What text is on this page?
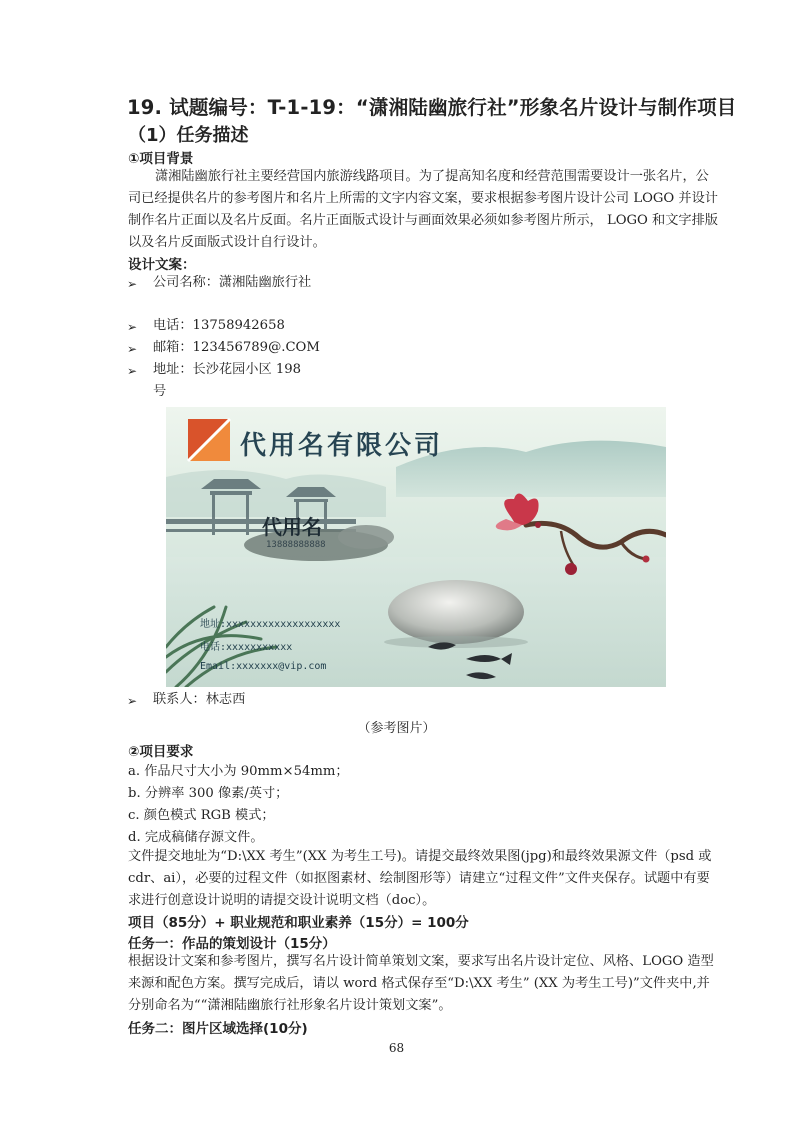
19. 试题编号：T-1-19：“潇湘陆幽旅行社”形象名片设计与制作项目
（1）任务描述
①项目背景
潇湘陆幽旅行社主要经营国内旅游线路项目。为了提高知名度和经营范围需要设计一张名片，公司已经提供名片的参考图片和名片上所需的文字内容文案，要求根据参考图片设计公司 LOGO 并设计制作名片正面以及名片反面。名片正面版式设计与画面效果必须如参考图片所示， LOGO 和文字排版以及名片反面版式设计自行设计。
设计文案：
➢ 公司名称：潇湘陆幽旅行社
➢ 电话：13758942658
➢ 邮箱：123456789@.COM
➢ 地址：长沙花园小区 198号
代用名有限公司
代用名
13888888888
地址:xxxxxxxxxxxxxxxxxxx
电话:xxxxxxxxxxx
Email:xxxxxxx@vip.com
➢ 联系人：林志西
（参考图片）
②项目要求
a. 作品尺寸大小为 90mm×54mm；
b. 分辨率 300 像素/英寸；
c. 颜色模式 RGB 模式；
d. 完成稿储存源文件。
文件提交地址为“D:\XX 考生”(XX 为考生工号)。请提交最终效果图(jpg)和最终效果源文件（psd 或cdr、ai），必要的过程文件（如抠图素材、绘制图形等）请建立“过程文件”文件夹保存。试题中有要求进行创意设计说明的请提交设计说明文档（doc）。
项目（85分）+ 职业规范和职业素养（15分）= 100分
任务一：作品的策划设计（15分）
根据设计文案和参考图片，撰写名片设计简单策划文案，要求写出名片设计定位、风格、LOGO 造型来源和配色方案。撰写完成后，请以 word 格式保存至“D:\XX 考生” (XX 为考生工号)”文件夹中,并分别命名为““潇湘陆幽旅行社形象名片设计策划文案”。
任务二：图片区域选择(10分)
68
